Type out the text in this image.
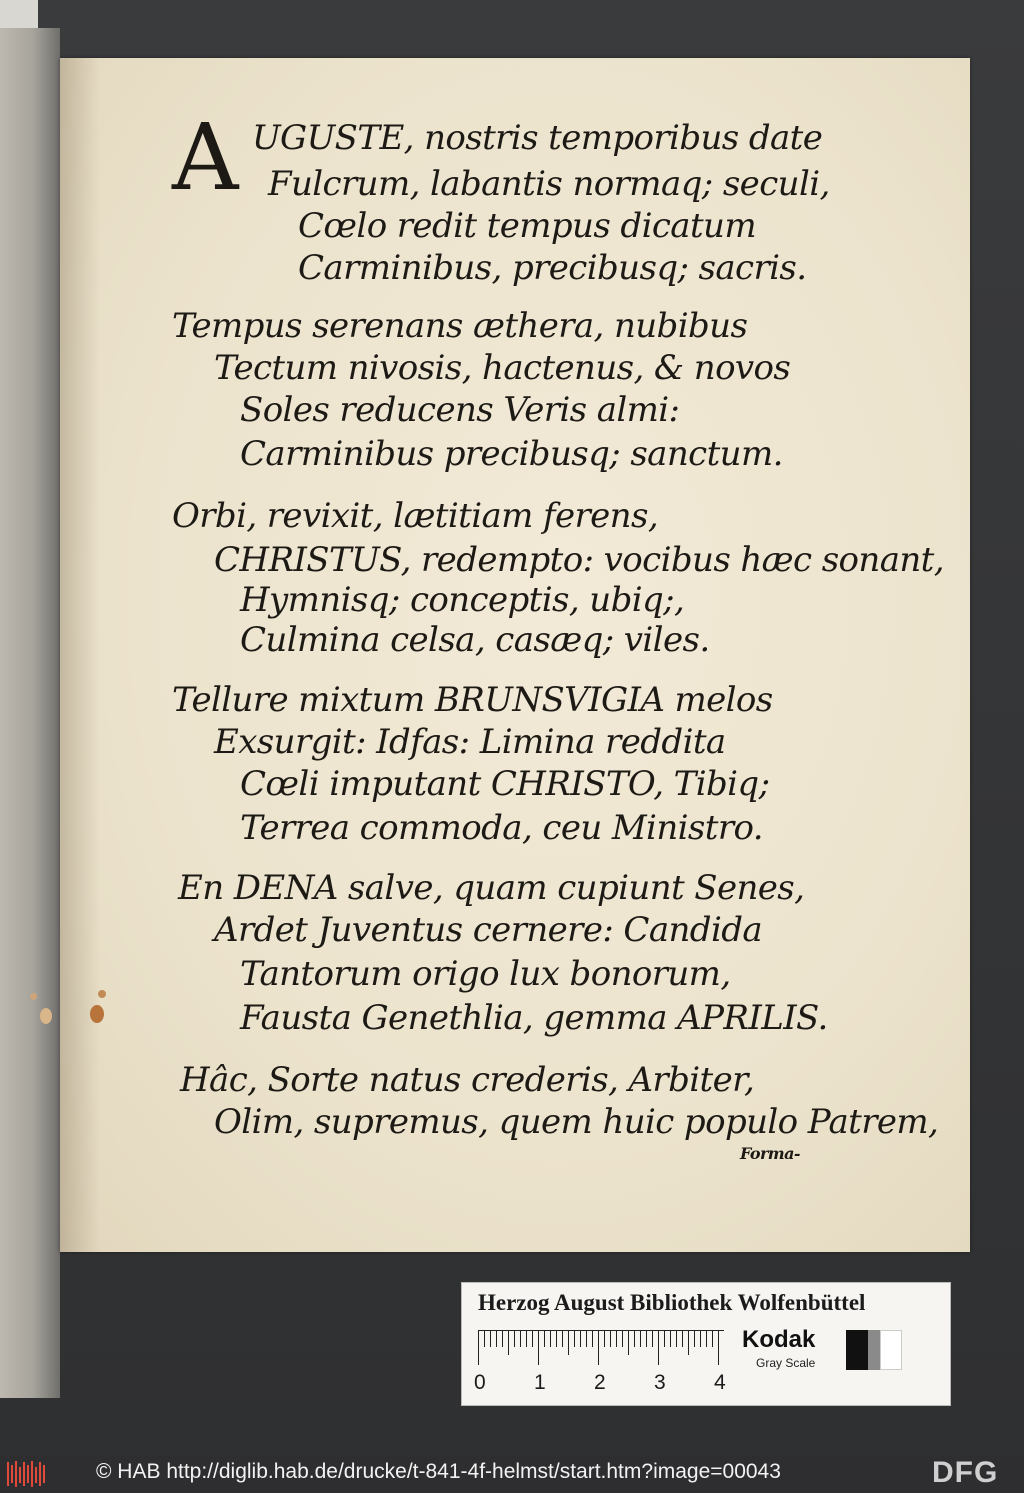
A UGUSTE, nostris temporibus date
Fulcrum, labantis normaq; seculi,
Cœlo redit tempus dicatum
Carminibus, precibusq; sacris.
Tempus serenans æthera, nubibus
Tectum nivosis, hactenus, & novos
Soles reducens Veris almi:
Carminibus precibusq; sanctum.
Orbi, revixit, lætitiam ferens,
CHRISTUS, redempto: vocibus hæc sonant,
Hymnisq; conceptis, ubiq;,
Culmina celsa, casæq; viles.
Tellure mixtum BRUNSVIGIA melos
Exsurgit: Idfas: Limina reddita
Cœli imputant CHRISTO, Tibiq;
Terrea commoda, ceu Ministro.
En DENA salve, quam cupiunt Senes,
Ardet Juventus cernere: Candida
Tantorum origo lux bonorum,
Fausta Genethlia, gemma APRILIS.
Hâc, Sorte natus crederis, Arbiter,
Olim, supremus, quem huic populo Patrem,
Forma-
Herzog August Bibliothek Wolfenbüttel
0 1 2 3 4
Kodak
Gray Scale
© HAB http://diglib.hab.de/drucke/t-841-4f-helmst/start.htm?image=00043	DFG
